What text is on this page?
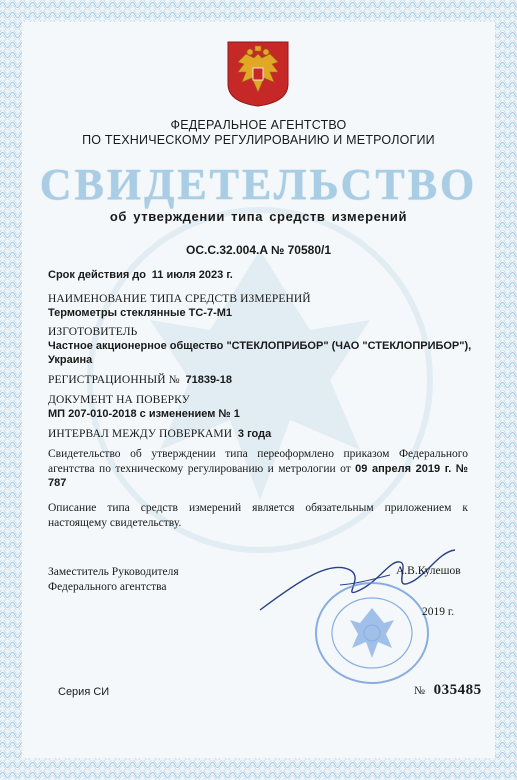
ФЕДЕРАЛЬНОЕ АГЕНТСТВО
ПО ТЕХНИЧЕСКОМУ РЕГУЛИРОВАНИЮ И МЕТРОЛОГИИ
СВИДЕТЕЛЬСТВО
об утверждении типа средств измерений
OC.C.32.004.A № 70580/1
Срок действия до 11 июля 2023 г.
НАИМЕНОВАНИЕ ТИПА СРЕДСТВ ИЗМЕРЕНИЙ
Термометры стеклянные ТС-7-М1
ИЗГОТОВИТЕЛЬ
Частное акционерное общество "СТЕКЛОПРИБОР" (ЧАО "СТЕКЛОПРИБОР"),
Украина
РЕГИСТРАЦИОННЫЙ № 71839-18
ДОКУМЕНТ НА ПОВЕРКУ
МП 207-010-2018 с изменением № 1
ИНТЕРВАЛ МЕЖДУ ПОВЕРКАМИ 3 года
Свидетельство об утверждении типа переоформлено приказом Федерального агентства по техническому регулированию и метрологии от 09 апреля 2019 г. № 787
Описание типа средств измерений является обязательным приложением к настоящему свидетельству.
Заместитель Руководителя
Федерального агентства
А.В.Кулешов
2019 г.
Серия СИ	№ 035485
